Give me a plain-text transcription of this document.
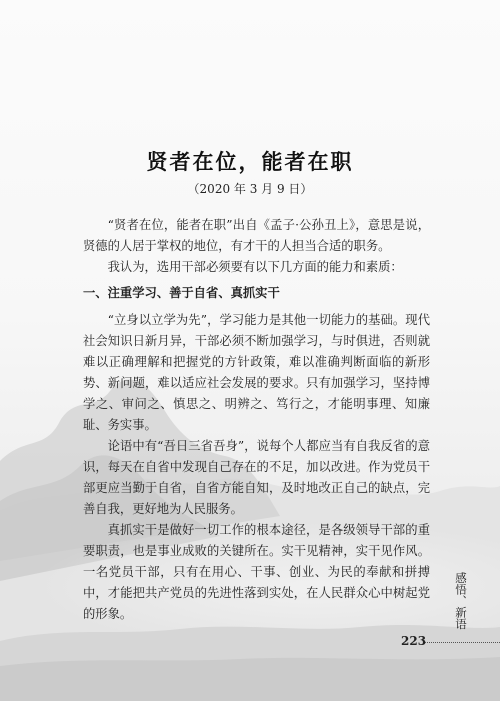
贤者在位，能者在职
（2020 年 3 月 9 日）

“贤者在位，能者在职”出自《孟子·公孙丑上》，意思是说，贤德的人居于掌权的地位，有才干的人担当合适的职务。

我认为，选用干部必须要有以下几方面的能力和素质：

一、注重学习、善于自省、真抓实干

“立身以立学为先”，学习能力是其他一切能力的基础。现代社会知识日新月异，干部必须不断加强学习，与时俱进，否则就难以正确理解和把握党的方针政策，难以准确判断面临的新形势、新问题，难以适应社会发展的要求。只有加强学习，坚持博学之、审问之、慎思之、明辨之、笃行之，才能明事理、知廉耻、务实事。

论语中有“吾日三省吾身”，说每个人都应当有自我反省的意识，每天在自省中发现自己存在的不足，加以改进。作为党员干部更应当勤于自省，自省方能自知，及时地改正自己的缺点，完善自我，更好地为人民服务。

真抓实干是做好一切工作的根本途径，是各级领导干部的重要职责，也是事业成败的关键所在。实干见精神，实干见作风。一名党员干部，只有在用心、干事、创业、为民的奉献和拼搏中，才能把共产党员的先进性落到实处，在人民群众心中树起党的形象。	感悟、新语
223
